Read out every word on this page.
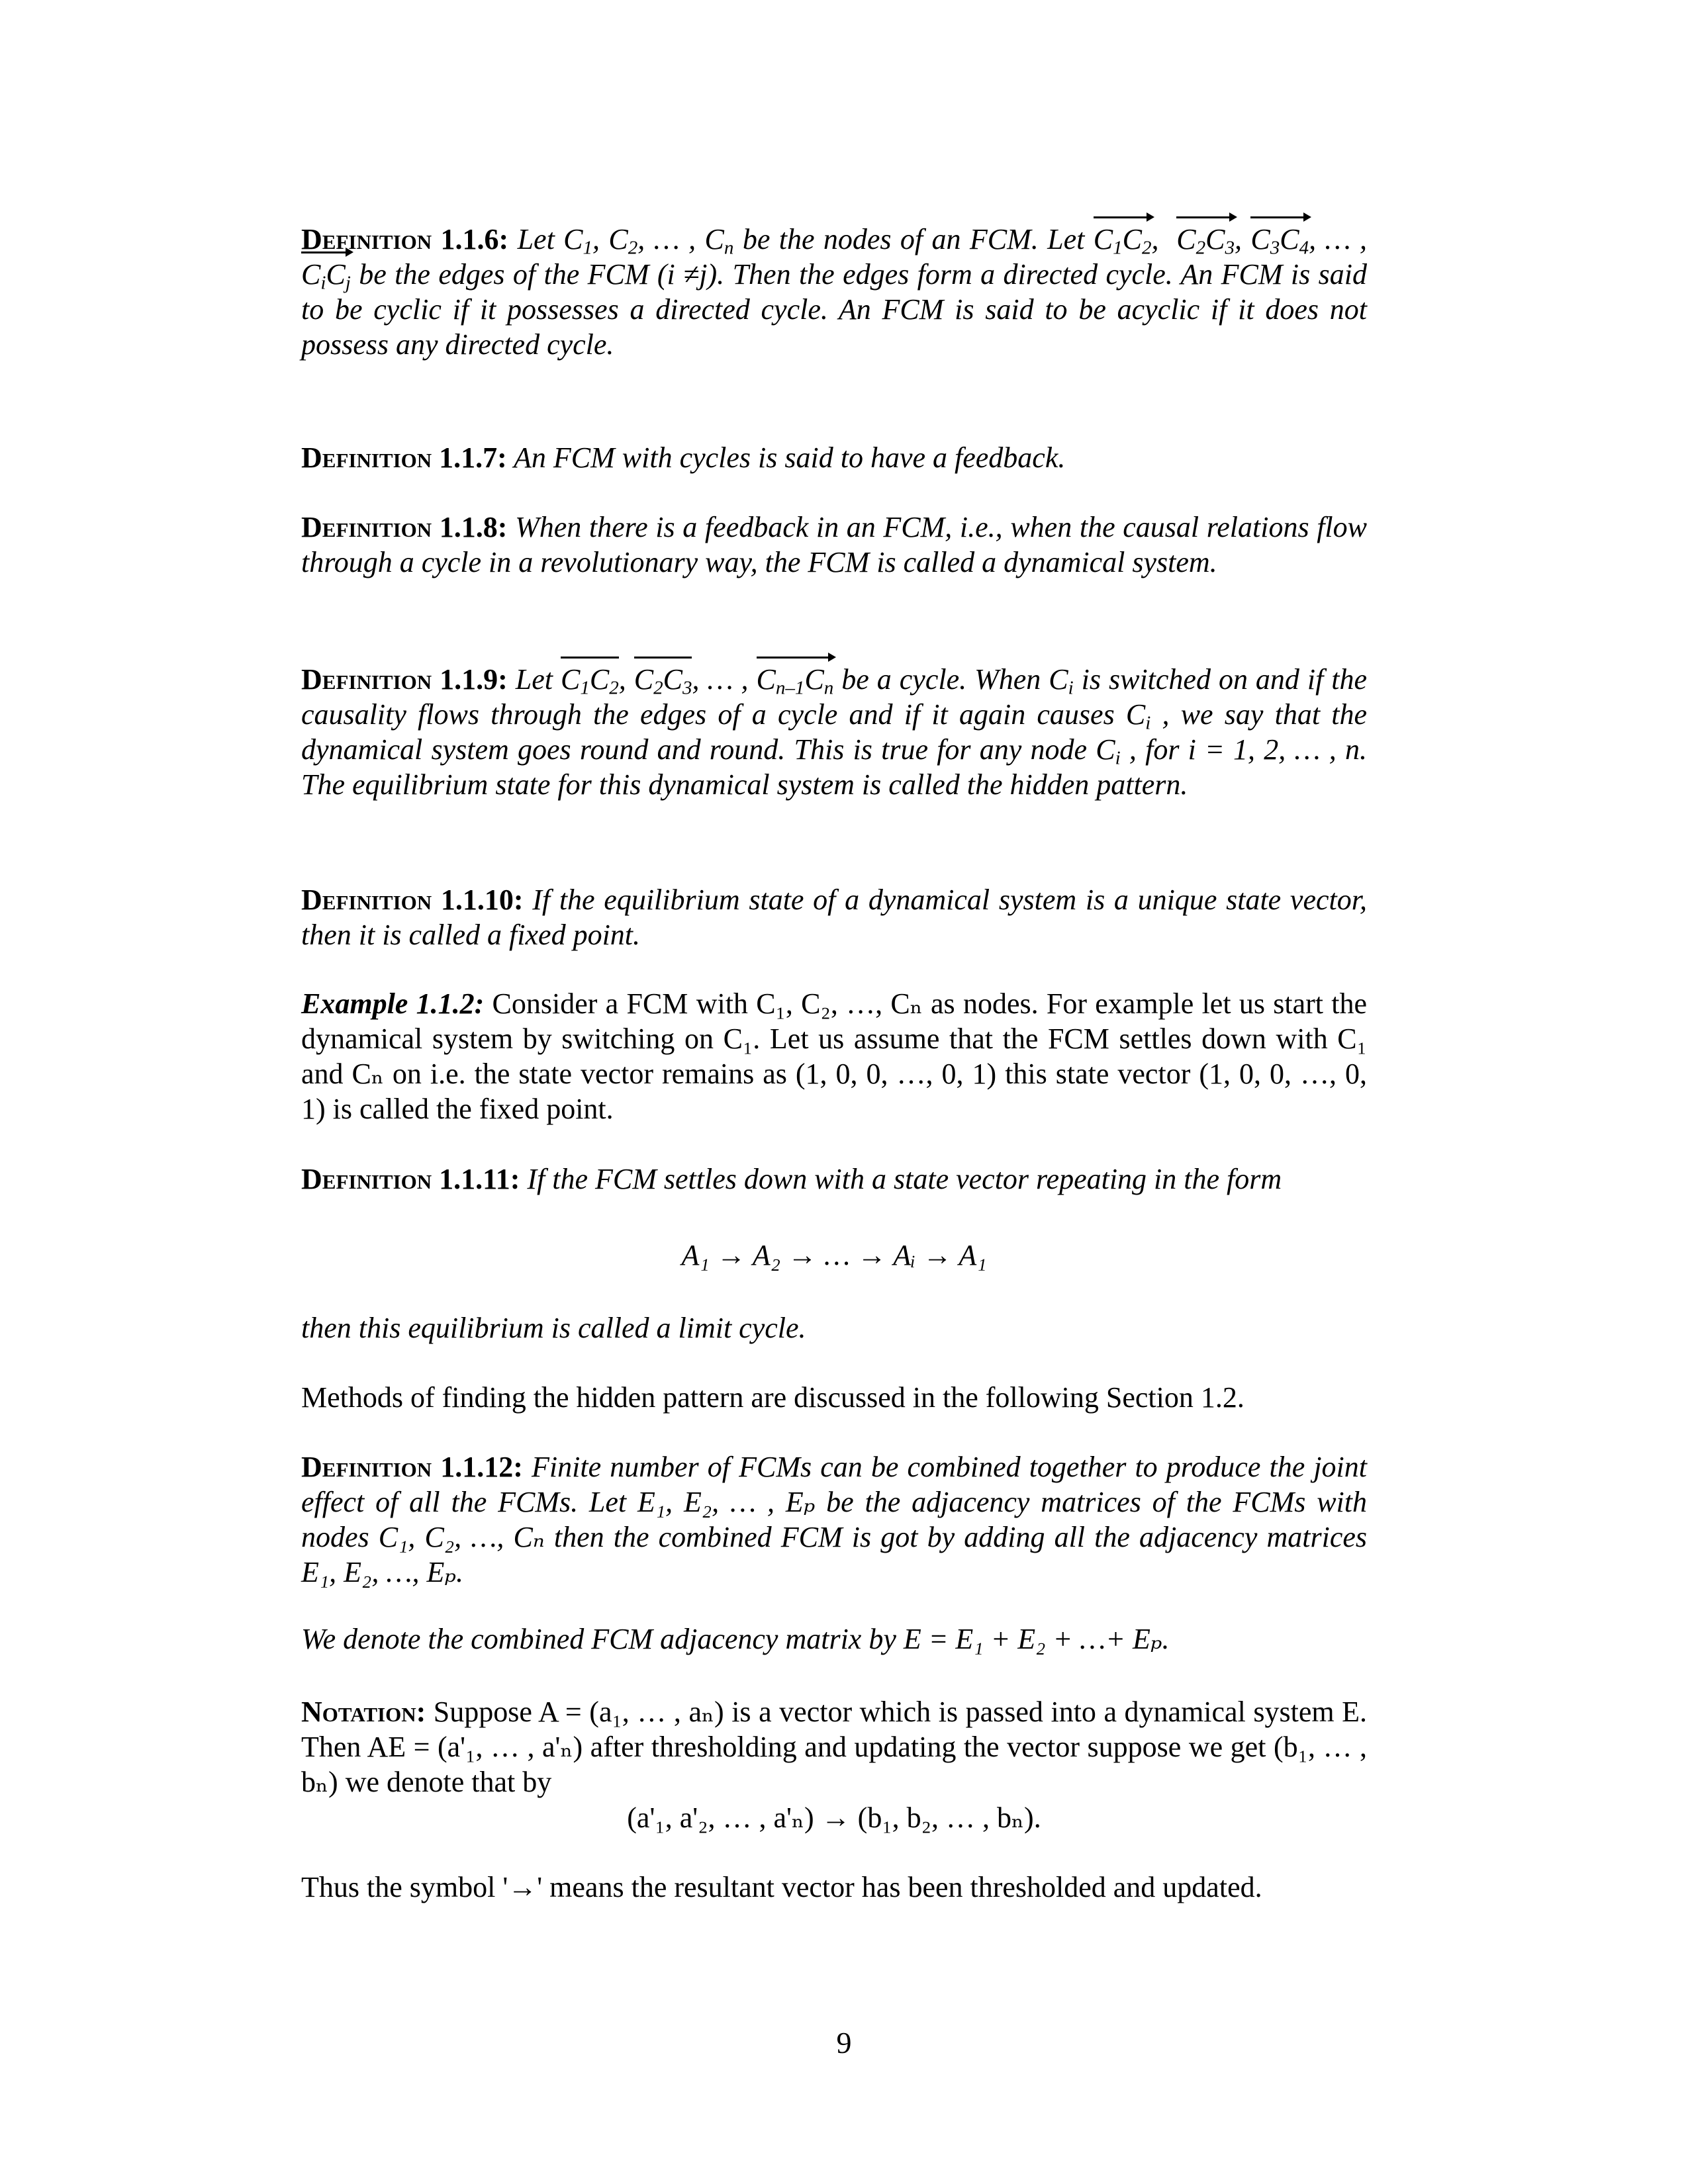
Definition 1.1.6: Let $C_1$, $C_2$, … , $C_n$ be the nodes of an FCM. Let
$C_1C_2$,
$C_2C_3$,
$C_3C_4$, … ,
$C_iC_j$ be the edges of the FCM (i ≠j). Then the edges form a directed cycle. An FCM is said to be cyclic if it possesses a directed cycle. An FCM is said to be acyclic if it does not possess any directed cycle.
Definition 1.1.7: An FCM with cycles is said to have a feedback.
Definition 1.1.8: When there is a feedback in an FCM, i.e., when the causal relations flow through a cycle in a revolutionary way, the FCM is called a dynamical system.
Definition 1.1.9: Let $C_1C_2$,
$C_2C_3$, … ,
$C_{n-1}C_n$ be a cycle. When $C_i$ is switched on and if the causality flows through the edges of a cycle and if it again causes $C_i$ , we say that the dynamical system goes round and round. This is true for any node $C_i$ , for i = 1, 2, … , n. The equilibrium state for this dynamical system is called the hidden pattern.
Definition 1.1.10: If the equilibrium state of a dynamical system is a unique state vector, then it is called a fixed point.
Example 1.1.2: Consider a FCM with C₁, C₂, …, Cₙ as nodes. For example let us start the dynamical system by switching on C₁. Let us assume that the FCM settles down with C₁ and Cₙ on i.e. the state vector remains as (1, 0, 0, …, 0, 1) this state vector (1, 0, 0, …, 0, 1) is called the fixed point.
Definition 1.1.11: If the FCM settles down with a state vector repeating in the form
A₁ → A₂ → … → Aᵢ → A₁
then this equilibrium is called a limit cycle.
Methods of finding the hidden pattern are discussed in the following Section 1.2.
Definition 1.1.12: Finite number of FCMs can be combined together to produce the joint effect of all the FCMs. Let E₁, E₂, … , Eₚ be the adjacency matrices of the FCMs with nodes C₁, C₂, …, Cₙ then the combined FCM is got by adding all the adjacency matrices E₁, E₂, …, Eₚ.
We denote the combined FCM adjacency matrix by E = E₁ + E₂ + …+ Eₚ.
Notation: Suppose A = (a₁, … , aₙ) is a vector which is passed into a dynamical system E. Then AE = (a'₁, … , a'ₙ) after thresholding and updating the vector suppose we get (b₁, … , bₙ) we denote that by
(a'₁, a'₂, … , a'ₙ) → (b₁, b₂, … , bₙ).
Thus the symbol '→' means the resultant vector has been thresholded and updated.
9
